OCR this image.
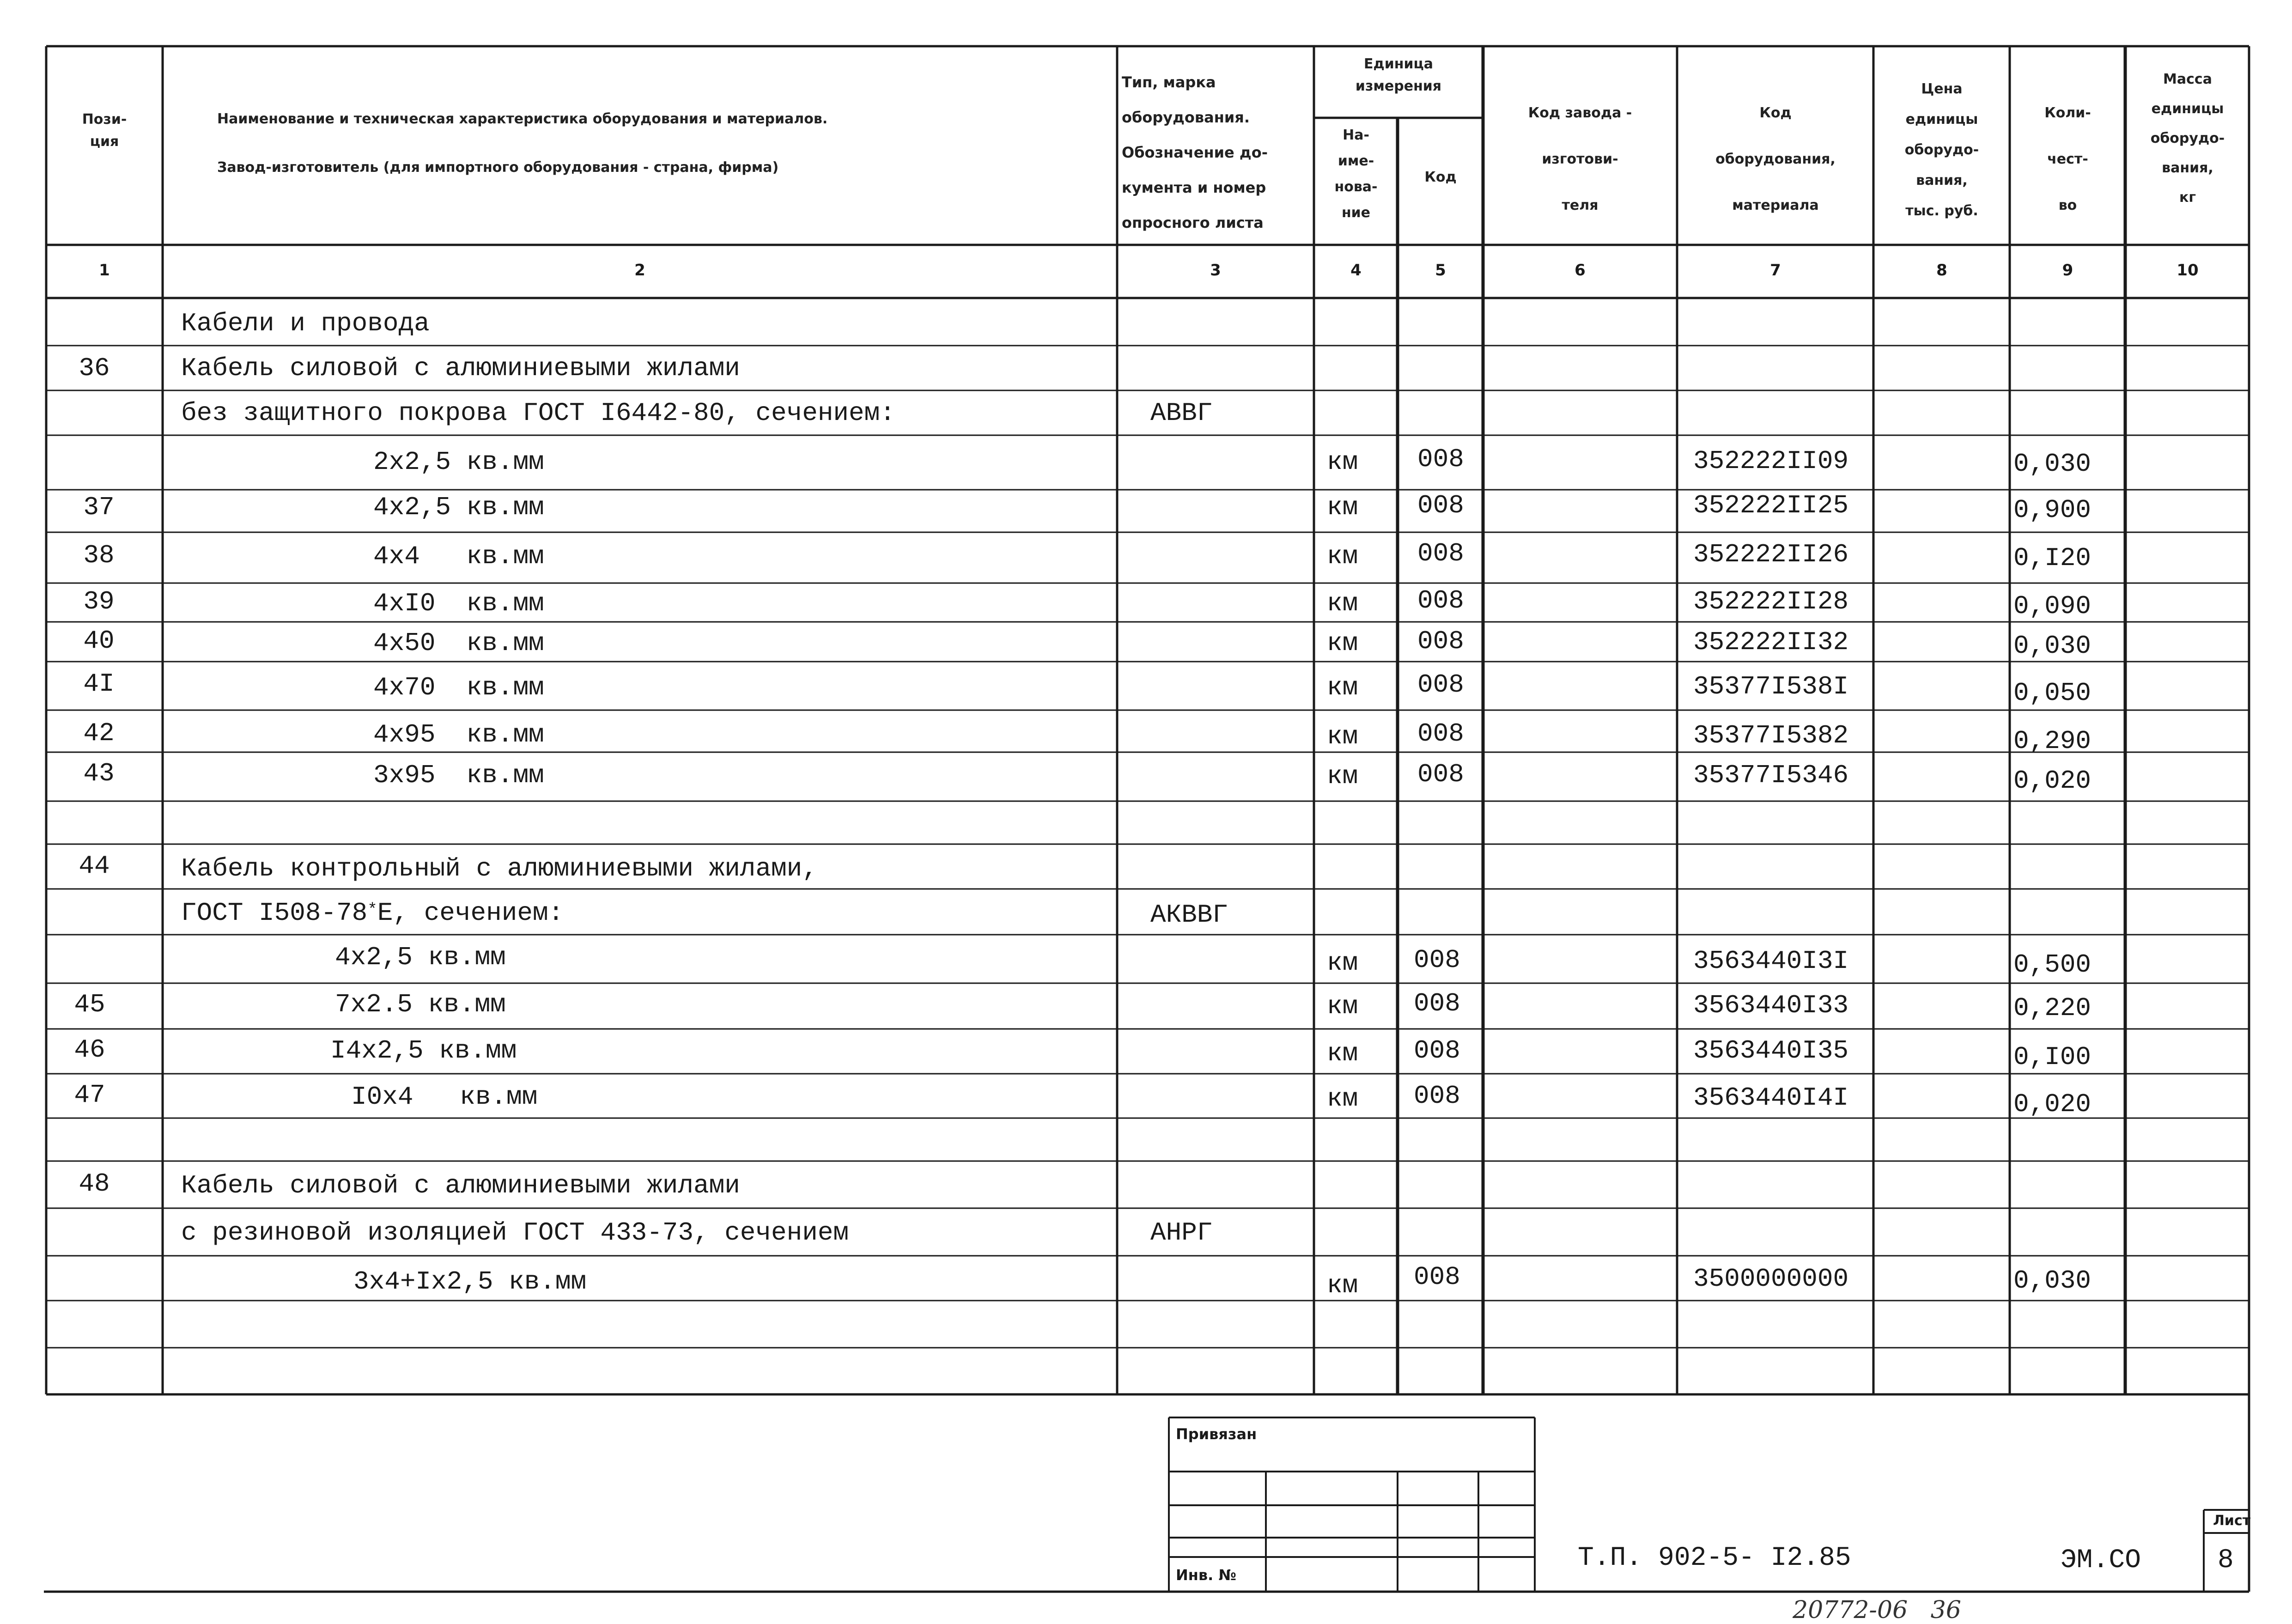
Пози-
ция
Наименование и техническая характеристика оборудования и материалов.
Завод-изготовитель (для импортного оборудования - страна, фирма)
Тип, марка
оборудования.
Обозначение до-
кумента и номер
опросного листа
Единица
измерения
На-
име-
нова-
ние
Код
Код завода -
изготови-
теля
Код
оборудования,
материала
Цена
единицы
оборудо-
вания,
тыс. руб.
Коли-
чест-
во
Масса
единицы
оборудо-
вания,
кг
1	2	3	4	5	6	7	8	9	10
Кабели и провода
36	Кабель силовой с алюминиевыми жилами
без защитного покрова ГОСТ I6442-80, сечением:	АВВГ
2х2,5 кв.мм	км 008	352222II09	0,030
37	4х2,5 кв.мм	км 008	352222II25	0,900
38	4х4   кв.мм	км 008	352222II26	0,I20
39	4хI0  кв.мм	км 008	352222II28	0,090
40	4х50  кв.мм	км 008	352222II32	0,030
4I	4х70  кв.мм	км 008	35377I538I	0,050
42	4х95  кв.мм	км 008	35377I5382	0,290
43	3х95  кв.мм	км 008	35377I5346	0,020
44	Кабель контрольный с алюминиевыми жилами,
ГОСТ I508-78*Е, сечением:	АКВВГ
4х2,5 кв.мм	км 008	3563440I3I	0,500
45	7х2.5 кв.мм	км 008	3563440I33	0,220
46	I4х2,5 кв.мм	км 008	3563440I35	0,I00
47	I0х4   кв.мм	км 008	3563440I4I	0,020
48	Кабель силовой с алюминиевыми жилами
с резиновой изоляцией ГОСТ 433-73, сечением	АНРГ
3х4+Iх2,5 кв.мм	км 008	3500000000	0,030
Привязан
Инв. №
Т.П. 902-5- I2.85	ЭМ.СО
Лист
8
20772-06   36
